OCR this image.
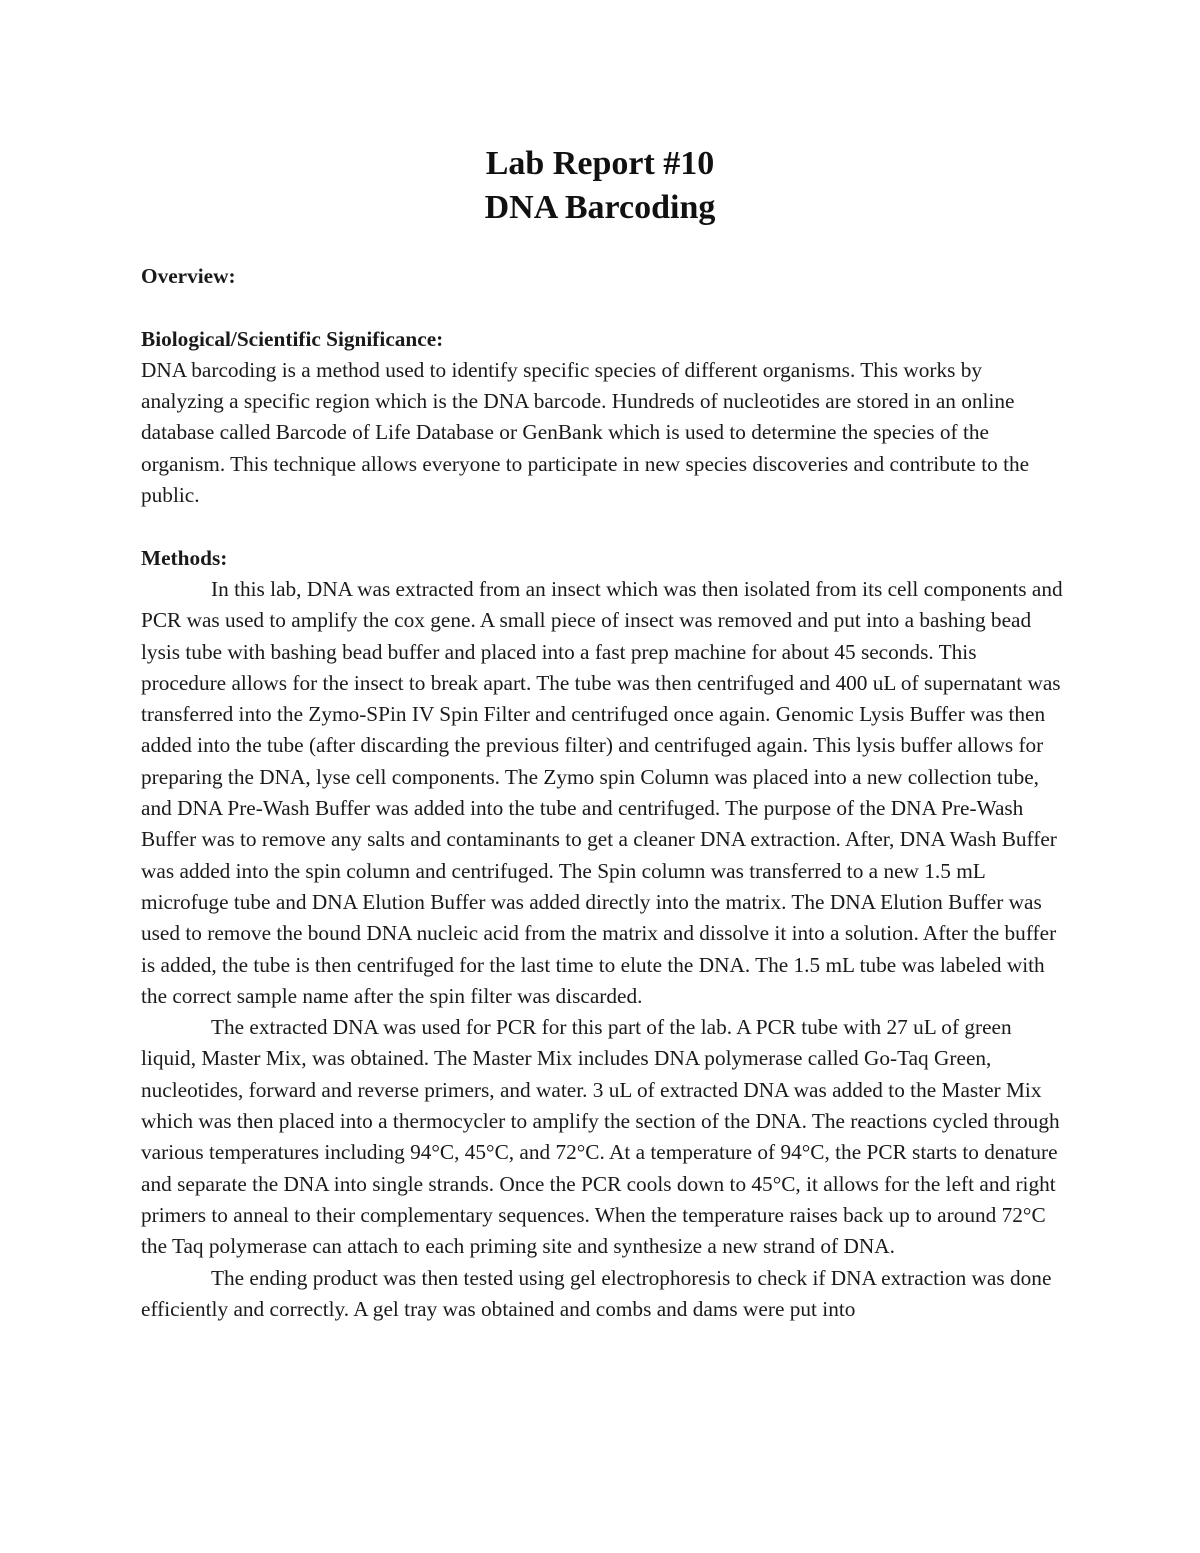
Lab Report #10
DNA Barcoding
Overview:
Biological/Scientific Significance:

DNA barcoding is a method used to identify specific species of different organisms. This works by analyzing a specific region which is the DNA barcode. Hundreds of nucleotides are stored in an online database called Barcode of Life Database or GenBank which is used to determine the species of the organism. This technique allows everyone to participate in new species discoveries and contribute to the public.

Methods:

In this lab, DNA was extracted from an insect which was then isolated from its cell components and PCR was used to amplify the cox gene. A small piece of insect was removed and put into a bashing bead lysis tube with bashing bead buffer and placed into a fast prep machine for about 45 seconds. This procedure allows for the insect to break apart. The tube was then centrifuged and 400 uL of supernatant was transferred into the Zymo-SPin IV Spin Filter and centrifuged once again. Genomic Lysis Buffer was then added into the tube (after discarding the previous filter) and centrifuged again. This lysis buffer allows for preparing the DNA, lyse cell components. The Zymo spin Column was placed into a new collection tube, and DNA Pre-Wash Buffer was added into the tube and centrifuged. The purpose of the DNA Pre-Wash Buffer was to remove any salts and contaminants to get a cleaner DNA extraction. After, DNA Wash Buffer was added into the spin column and centrifuged. The Spin column was transferred to a new 1.5 mL microfuge tube and DNA Elution Buffer was added directly into the matrix. The DNA Elution Buffer was used to remove the bound DNA nucleic acid from the matrix and dissolve it into a solution. After the buffer is added, the tube is then centrifuged for the last time to elute the DNA. The 1.5 mL tube was labeled with the correct sample name after the spin filter was discarded.

The extracted DNA was used for PCR for this part of the lab. A PCR tube with 27 uL of green liquid, Master Mix, was obtained. The Master Mix includes DNA polymerase called Go-Taq Green, nucleotides, forward and reverse primers, and water. 3 uL of extracted DNA was added to the Master Mix which was then placed into a thermocycler to amplify the section of the DNA. The reactions cycled through various temperatures including 94°C, 45°C, and 72°C. At a temperature of 94°C, the PCR starts to denature and separate the DNA into single strands. Once the PCR cools down to 45°C, it allows for the left and right primers to anneal to their complementary sequences. When the temperature raises back up to around 72°C the Taq polymerase can attach to each priming site and synthesize a new strand of DNA.

The ending product was then tested using gel electrophoresis to check if DNA extraction was done efficiently and correctly. A gel tray was obtained and combs and dams were put into
